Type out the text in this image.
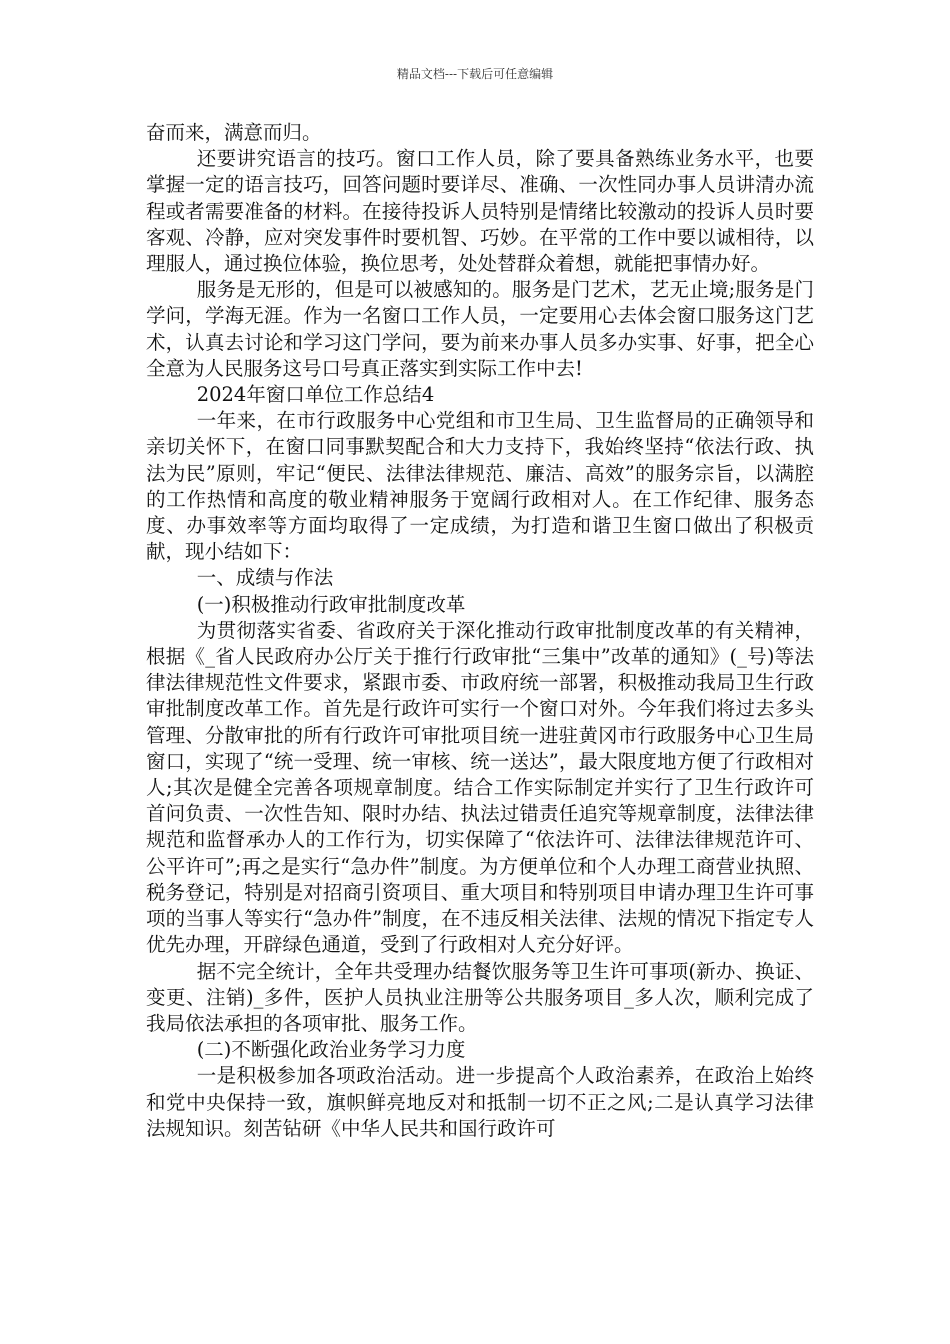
精品文档---下载后可任意编辑

奋而来，满意而归。

还要讲究语言的技巧。窗口工作人员，除了要具备熟练业务水平，也要掌握一定的语言技巧，回答问题时要详尽、准确、一次性同办事人员讲清办流程或者需要准备的材料。在接待投诉人员特别是情绪比较激动的投诉人员时要客观、冷静，应对突发事件时要机智、巧妙。在平常的工作中要以诚相待，以理服人，通过换位体验，换位思考，处处替群众着想，就能把事情办好。

服务是无形的，但是可以被感知的。服务是门艺术，艺无止境;服务是门学问，学海无涯。作为一名窗口工作人员，一定要用心去体会窗口服务这门艺术，认真去讨论和学习这门学问，要为前来办事人员多办实事、好事，把全心全意为人民服务这号口号真正落实到实际工作中去!

2024年窗口单位工作总结4

一年来，在市行政服务中心党组和市卫生局、卫生监督局的正确领导和亲切关怀下，在窗口同事默契配合和大力支持下，我始终坚持“依法行政、执法为民”原则，牢记“便民、法律法律规范、廉洁、高效”的服务宗旨，以满腔的工作热情和高度的敬业精神服务于宽阔行政相对人。在工作纪律、服务态度、办事效率等方面均取得了一定成绩，为打造和谐卫生窗口做出了积极贡献，现小结如下：

一、成绩与作法

(一)积极推动行政审批制度改革

为贯彻落实省委、省政府关于深化推动行政审批制度改革的有关精神，根据《_省人民政府办公厅关于推行行政审批“三集中”改革的通知》(_号)等法律法律规范性文件要求，紧跟市委、市政府统一部署，积极推动我局卫生行政审批制度改革工作。首先是行政许可实行一个窗口对外。今年我们将过去多头管理、分散审批的所有行政许可审批项目统一进驻黄冈市行政服务中心卫生局窗口，实现了“统一受理、统一审核、统一送达”，最大限度地方便了行政相对人;其次是健全完善各项规章制度。结合工作实际制定并实行了卫生行政许可首问负责、一次性告知、限时办结、执法过错责任追究等规章制度，法律法律规范和监督承办人的工作行为，切实保障了“依法许可、法律法律规范许可、公平许可”;再之是实行“急办件”制度。为方便单位和个人办理工商营业执照、税务登记，特别是对招商引资项目、重大项目和特别项目申请办理卫生许可事项的当事人等实行“急办件”制度，在不违反相关法律、法规的情况下指定专人优先办理，开辟绿色通道，受到了行政相对人充分好评。

据不完全统计，全年共受理办结餐饮服务等卫生许可事项(新办、换证、变更、注销)_多件，医护人员执业注册等公共服务项目_多人次，顺利完成了我局依法承担的各项审批、服务工作。

(二)不断强化政治业务学习力度

一是积极参加各项政治活动。进一步提高个人政治素养，在政治上始终和党中央保持一致，旗帜鲜亮地反对和抵制一切不正之风;二是认真学习法律法规知识。刻苦钻研《中华人民共和国行政许可
